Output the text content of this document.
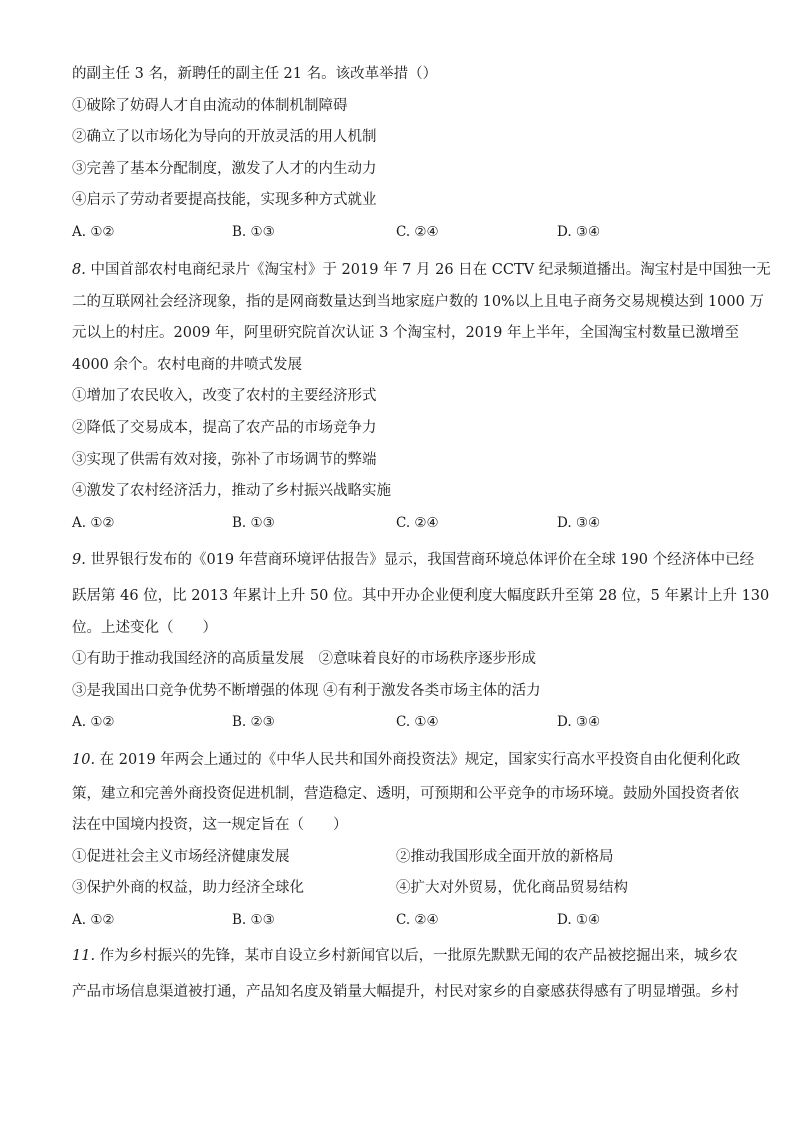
的副主任 3 名，新聘任的副主任 21 名。该改革举措（）
①破除了妨碍人才自由流动的体制机制障碍
②确立了以市场化为导向的开放灵活的用人机制
③完善了基本分配制度，激发了人才的内生动力
④启示了劳动者要提高技能，实现多种方式就业
A. ①②	B. ①③	C. ②④	D. ③④
8. 中国首部农村电商纪录片《淘宝村》于 2019 年 7 月 26 日在 CCTV 纪录频道播出。淘宝村是中国独一无
二的互联网社会经济现象，指的是网商数量达到当地家庭户数的 10%以上且电子商务交易规模达到 1000 万
元以上的村庄。2009 年，阿里研究院首次认证 3 个淘宝村，2019 年上半年，全国淘宝村数量已激增至
4000 余个。农村电商的井喷式发展
①增加了农民收入，改变了农村的主要经济形式
②降低了交易成本，提高了农产品的市场竞争力
③实现了供需有效对接，弥补了市场调节的弊端
④激发了农村经济活力，推动了乡村振兴战略实施
A. ①②	B. ①③	C. ②④	D. ③④
9. 世界银行发布的《019 年营商环境评估报告》显示，我国营商环境总体评价在全球 190 个经济体中已经
跃居第 46 位，比 2013 年累计上升 50 位。其中开办企业便利度大幅度跃升至第 28 位，5 年累计上升 130
位。上述变化（　　）
①有助于推动我国经济的高质量发展　②意味着良好的市场秩序逐步形成
③是我国出口竞争优势不断增强的体现 ④有利于激发各类市场主体的活力
A. ①②	B. ②③	C. ①④	D. ③④
10. 在 2019 年两会上通过的《中华人民共和国外商投资法》规定，国家实行高水平投资自由化便利化政
策，建立和完善外商投资促进机制，营造稳定、透明，可预期和公平竞争的市场环境。鼓励外国投资者依
法在中国境内投资，这一规定旨在（　　）
①促进社会主义市场经济健康发展	②推动我国形成全面开放的新格局
③保护外商的权益，助力经济全球化	④扩大对外贸易，优化商品贸易结构
A. ①②	B. ①③	C. ②④	D. ①④
11. 作为乡村振兴的先锋，某市自设立乡村新闻官以后，一批原先默默无闻的农产品被挖掘出来，城乡农
产品市场信息渠道被打通，产品知名度及销量大幅提升，村民对家乡的自豪感获得感有了明显增强。乡村
